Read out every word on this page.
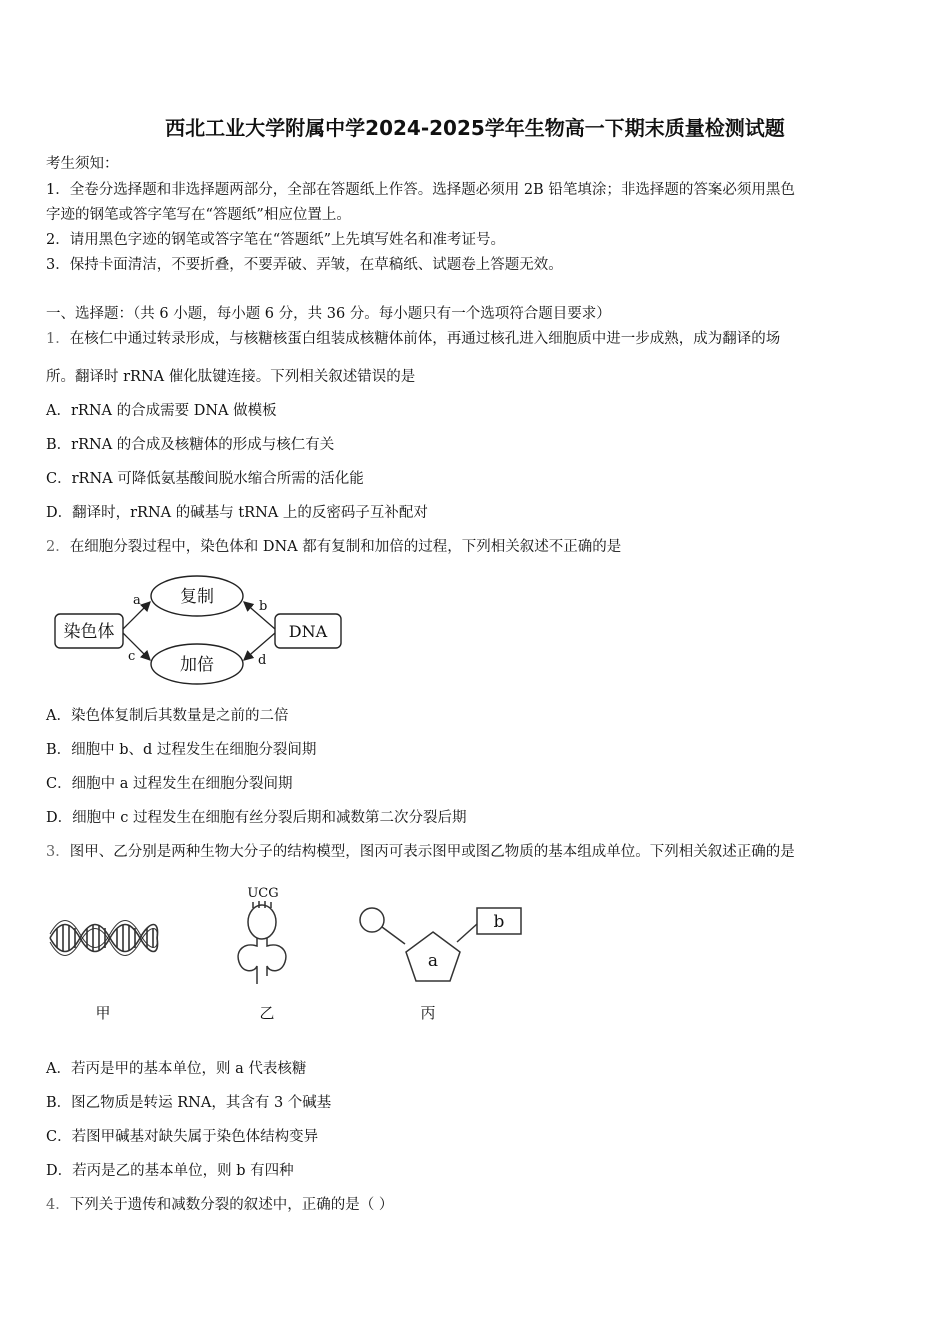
西北工业大学附属中学2024-2025学年生物高一下期末质量检测试题
考生须知：
1．全卷分选择题和非选择题两部分，全部在答题纸上作答。选择题必须用 2B 铅笔填涂；非选择题的答案必须用黑色
字迹的钢笔或答字笔写在“答题纸”相应位置上。
2．请用黑色字迹的钢笔或答字笔在“答题纸”上先填写姓名和准考证号。
3．保持卡面清洁，不要折叠，不要弄破、弄皱，在草稿纸、试题卷上答题无效。
一、选择题：（共 6 小题，每小题 6 分，共 36 分。每小题只有一个选项符合题目要求）
1．在核仁中通过转录形成，与核糖核蛋白组装成核糖体前体，再通过核孔进入细胞质中进一步成熟，成为翻译的场
所。翻译时 rRNA 催化肽键连接。下列相关叙述错误的是
A．rRNA 的合成需要 DNA 做模板
B．rRNA 的合成及核糖体的形成与核仁有关
C．rRNA 可降低氨基酸间脱水缩合所需的活化能
D．翻译时，rRNA 的碱基与 tRNA 上的反密码子互补配对
2．在细胞分裂过程中，染色体和 DNA 都有复制和加倍的过程，下列相关叙述不正确的是
染色体	DNA
复制
加倍
a	b
c	d
A．染色体复制后其数量是之前的二倍
B．细胞中 b、d 过程发生在细胞分裂间期
C．细胞中 a 过程发生在细胞分裂间期
D．细胞中 c 过程发生在细胞有丝分裂后期和减数第二次分裂后期
3．图甲、乙分别是两种生物大分子的结构模型，图丙可表示图甲或图乙物质的基本组成单位。下列相关叙述正确的是
甲
UCG
乙
a
b
丙
A．若丙是甲的基本单位，则 a 代表核糖
B．图乙物质是转运 RNA，其含有 3 个碱基
C．若图甲碱基对缺失属于染色体结构变异
D．若丙是乙的基本单位，则 b 有四种
4．下列关于遗传和减数分裂的叙述中，正确的是（ ）
